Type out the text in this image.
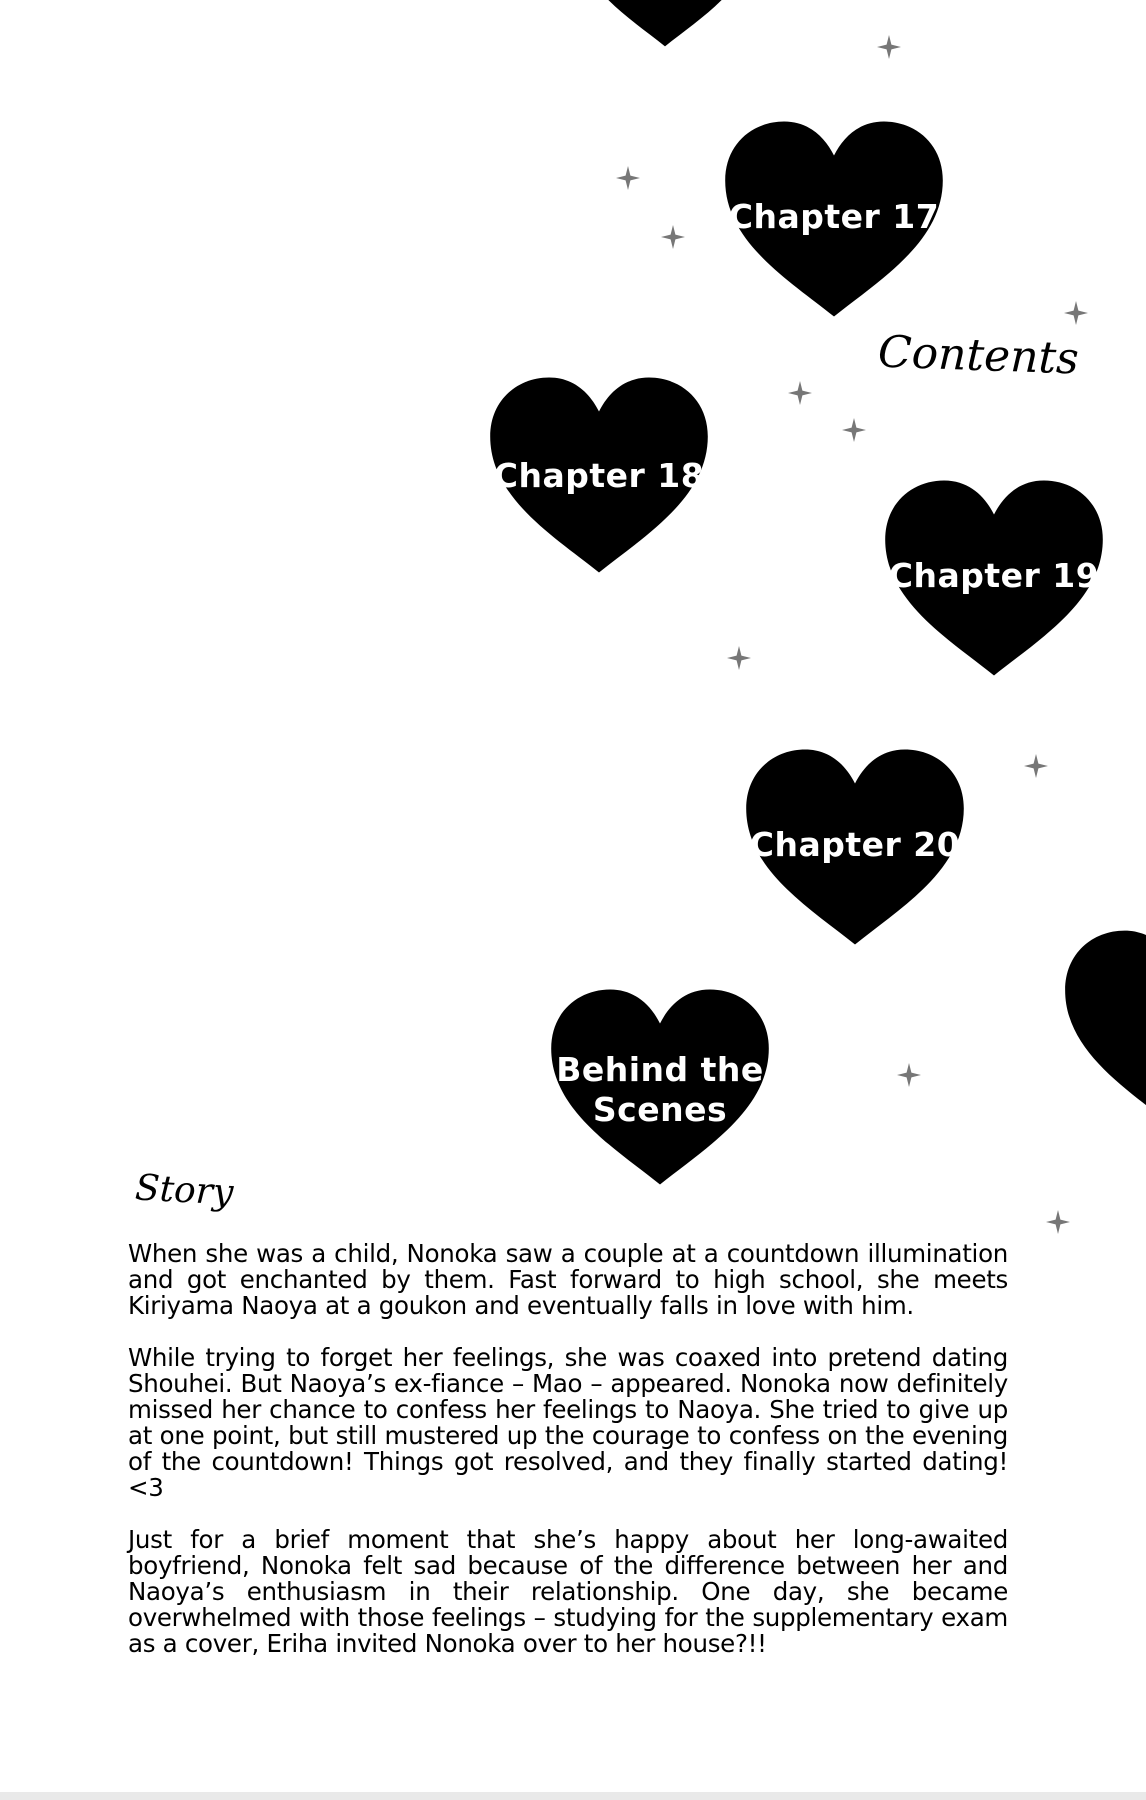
Chapter 17
Chapter 18
Chapter 19
Chapter 20
Behind the
Scenes
Contents
Story

When she was a child, Nonoka saw a couple at a countdown illumination and got enchanted by them. Fast forward to high school, she meets Kiriyama Naoya at a goukon and eventually falls in love with him.

While trying to forget her feelings, she was coaxed into pretend dating Shouhei. But Naoya’s ex-fiance – Mao – appeared. Nonoka now definitely missed her chance to confess her feelings to Naoya. She tried to give up at one point, but still mustered up the courage to confess on the evening of the countdown! Things got resolved, and they finally started dating! <3

Just for a brief moment that she’s happy about her long-awaited boyfriend, Nonoka felt sad because of the difference between her and Naoya’s enthusiasm in their relationship. One day, she became overwhelmed with those feelings – studying for the supplementary exam as a cover, Eriha invited Nonoka over to her house?!!
